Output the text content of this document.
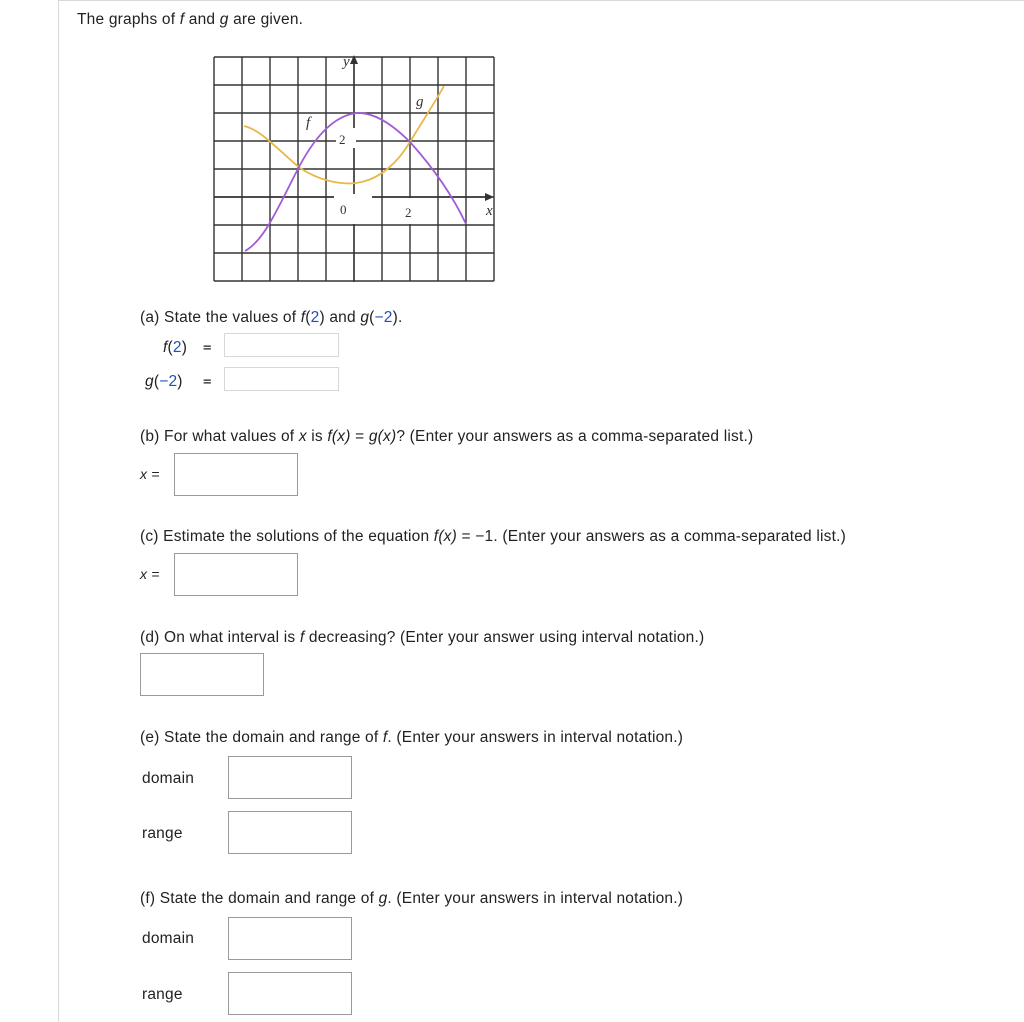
The graphs of f and g are given.
y
x
f
g
2
2
0
(a) State the values of f(2) and g(−2).
f(2) =
g(−2) =
(b) For what values of x is f(x) = g(x)? (Enter your answers as a comma-separated list.)
x =
(c) Estimate the solutions of the equation f(x) = −1. (Enter your answers as a comma-separated list.)
x =
(d) On what interval is f decreasing? (Enter your answer using interval notation.)
(e) State the domain and range of f. (Enter your answers in interval notation.)
domain
range
(f) State the domain and range of g. (Enter your answers in interval notation.)
domain
range
